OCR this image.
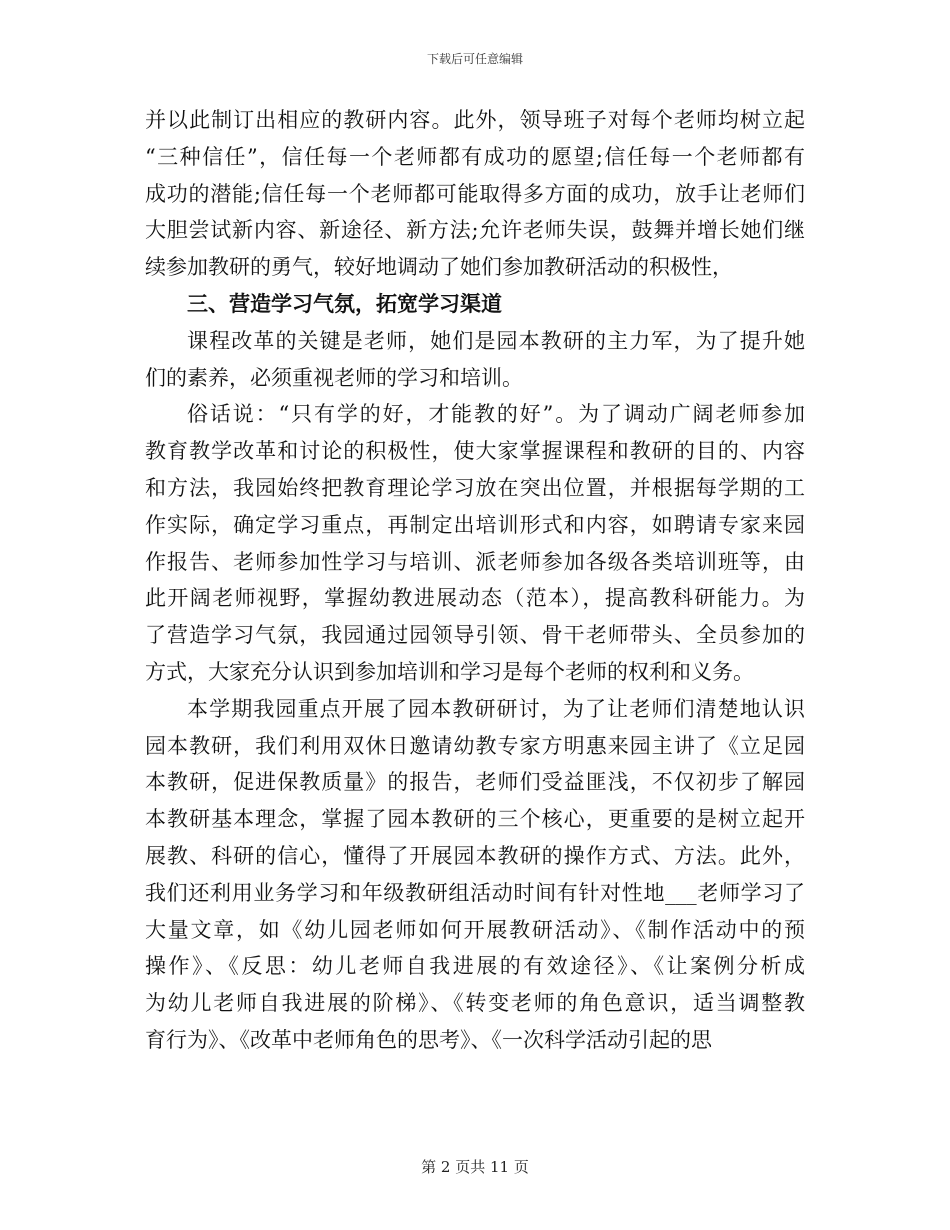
下载后可任意编辑
并以此制订出相应的教研内容。此外，领导班子对每个老师均树立起
“三种信任”，信任每一个老师都有成功的愿望;信任每一个老师都有
成功的潜能;信任每一个老师都可能取得多方面的成功，放手让老师们
大胆尝试新内容、新途径、新方法;允许老师失误，鼓舞并增长她们继
续参加教研的勇气，较好地调动了她们参加教研活动的积极性，
三、营造学习气氛，拓宽学习渠道
课程改革的关键是老师，她们是园本教研的主力军，为了提升她
们的素养，必须重视老师的学习和培训。
俗话说：“只有学的好，才能教的好”。为了调动广阔老师参加
教育教学改革和讨论的积极性，使大家掌握课程和教研的目的、内容
和方法，我园始终把教育理论学习放在突出位置，并根据每学期的工
作实际，确定学习重点，再制定出培训形式和内容，如聘请专家来园
作报告、老师参加性学习与培训、派老师参加各级各类培训班等，由
此开阔老师视野，掌握幼教进展动态（范本），提高教科研能力。为
了营造学习气氛，我园通过园领导引领、骨干老师带头、全员参加的
方式，大家充分认识到参加培训和学习是每个老师的权利和义务。
本学期我园重点开展了园本教研研讨，为了让老师们清楚地认识
园本教研，我们利用双休日邀请幼教专家方明惠来园主讲了《立足园
本教研，促进保教质量》的报告，老师们受益匪浅，不仅初步了解园
本教研基本理念，掌握了园本教研的三个核心，更重要的是树立起开
展教、科研的信心，懂得了开展园本教研的操作方式、方法。此外，
我们还利用业务学习和年级教研组活动时间有针对性地___老师学习了
大量文章，如《幼儿园老师如何开展教研活动》、《制作活动中的预
操作》、《反思：幼儿老师自我进展的有效途径》、《让案例分析成
为幼儿老师自我进展的阶梯》、《转变老师的角色意识，适当调整教
育行为》、《改革中老师角色的思考》、《一次科学活动引起的思
第 2 页共 11 页
